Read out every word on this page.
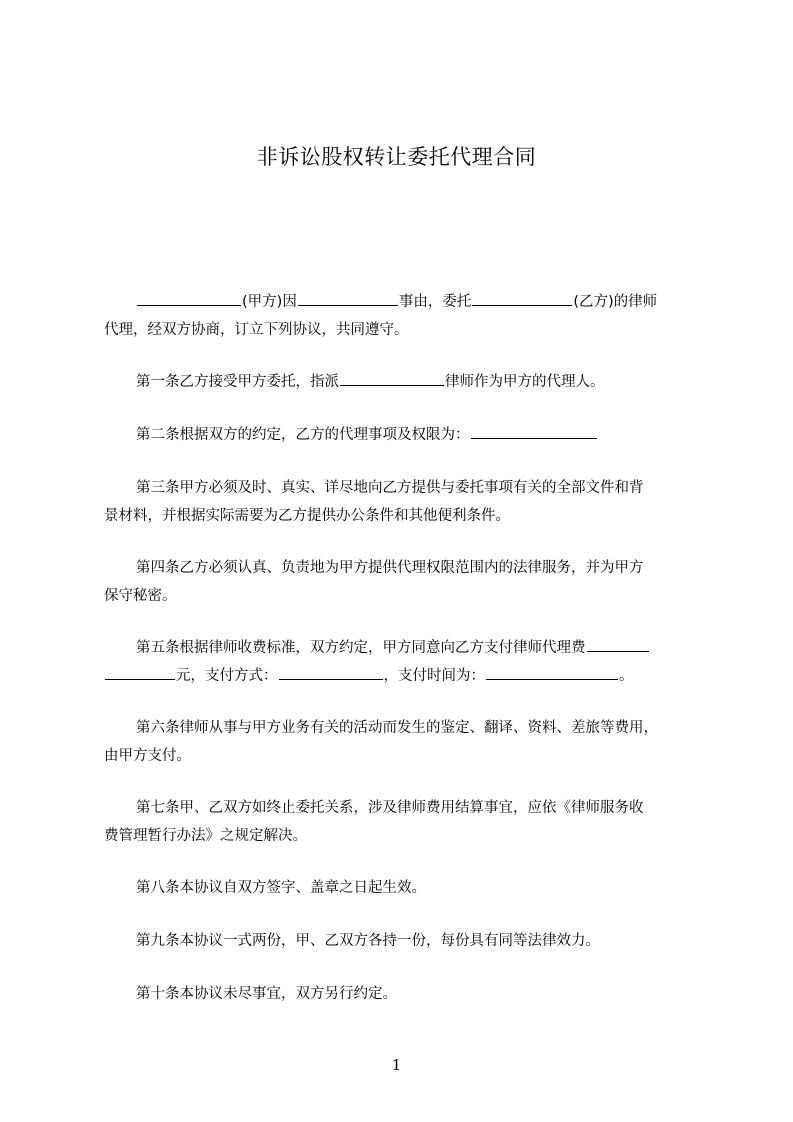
非诉讼股权转让委托代理合同
(甲方)因	事由，委托	(乙方)的律师
代理，经双方协商，订立下列协议，共同遵守。
第一条乙方接受甲方委托，指派	律师作为甲方的代理人。
第二条根据双方的约定，乙方的代理事项及权限为：
第三条甲方必须及时、真实、详尽地向乙方提供与委托事项有关的全部文件和背
景材料，并根据实际需要为乙方提供办公条件和其他便利条件。
第四条乙方必须认真、负责地为甲方提供代理权限范围内的法律服务，并为甲方
保守秘密。
第五条根据律师收费标准，双方约定，甲方同意向乙方支付律师代理费
元，支付方式：	，支付时间为：	。
第六条律师从事与甲方业务有关的活动而发生的鉴定、翻译、资料、差旅等费用，
由甲方支付。
第七条甲、乙双方如终止委托关系，涉及律师费用结算事宜，应依《律师服务收
费管理暂行办法》之规定解决。
第八条本协议自双方签字、盖章之日起生效。
第九条本协议一式两份，甲、乙双方各持一份，每份具有同等法律效力。
第十条本协议未尽事宜，双方另行约定。
1
